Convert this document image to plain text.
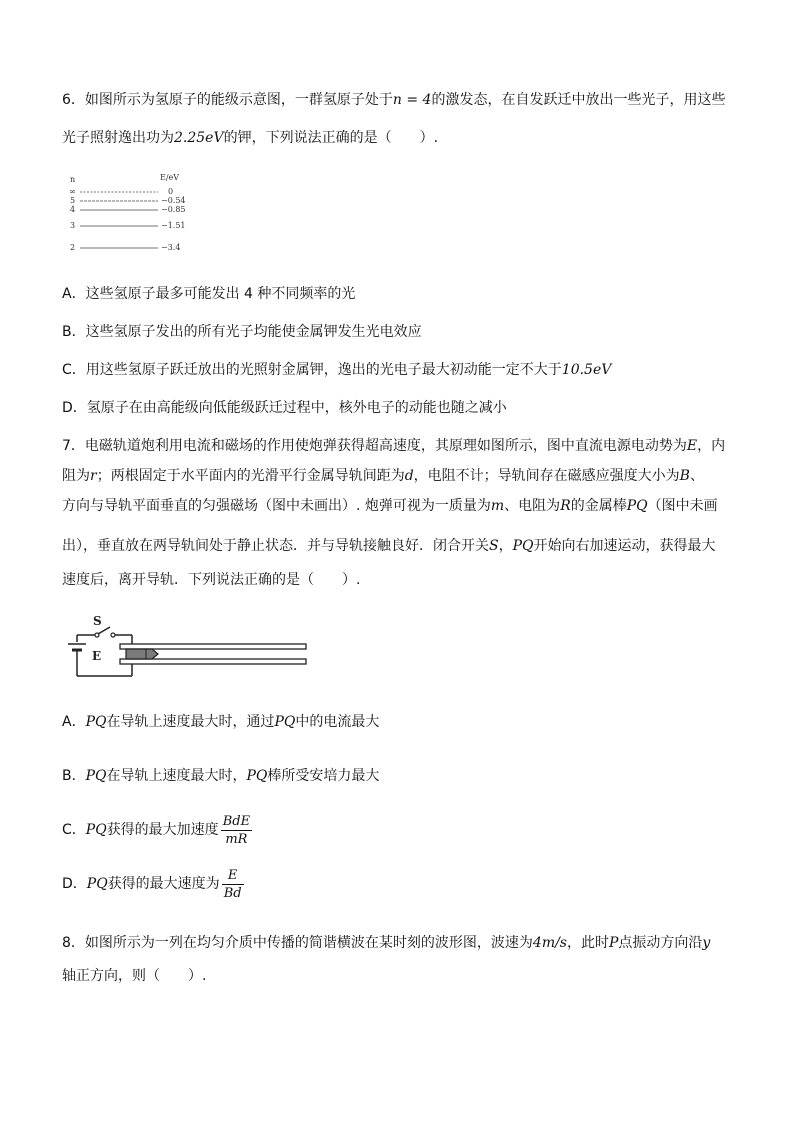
6．如图所示为氢原子的能级示意图，一群氢原子处于n = 4的激发态，在自发跃迁中放出一些光子，用这些
光子照射逸出功为2.25eV的钾，下列说法正确的是（　　）.
n	E/eV
∞	0
5	−0.54
4	−0.85
3	−1.51
2	−3.4
A．这些氢原子最多可能发出 4 种不同频率的光
B．这些氢原子发出的所有光子均能使金属钾发生光电效应
C．用这些氢原子跃迁放出的光照射金属钾，逸出的光电子最大初动能一定不大于10.5eV
D．氢原子在由高能级向低能级跃迁过程中，核外电子的动能也随之减小
7．电磁轨道炮利用电流和磁场的作用使炮弹获得超高速度，其原理如图所示，图中直流电源电动势为E，内
阻为r；两根固定于水平面内的光滑平行金属导轨间距为d，电阻不计；导轨间存在磁感应强度大小为B、
方向与导轨平面垂直的匀强磁场（图中未画出）. 炮弹可视为一质量为m、电阻为R的金属棒PQ（图中未画
出），垂直放在两导轨间处于静止状态．并与导轨接触良好．闭合开关S，PQ开始向右加速运动，获得最大
速度后，离开导轨．下列说法正确的是（　　）.
S
E
A．PQ在导轨上速度最大时，通过PQ中的电流最大
B．PQ在导轨上速度最大时，PQ棒所受安培力最大
C．PQ获得的最大加速度 $\frac{\text{BdE}}{mR}$
D．PQ获得的最大速度为 $\frac{E}{Bd}$
8．如图所示为一列在均匀介质中传播的简谐横波在某时刻的波形图，波速为4m/s，此时P点振动方向沿y
轴正方向，则（　　）.
